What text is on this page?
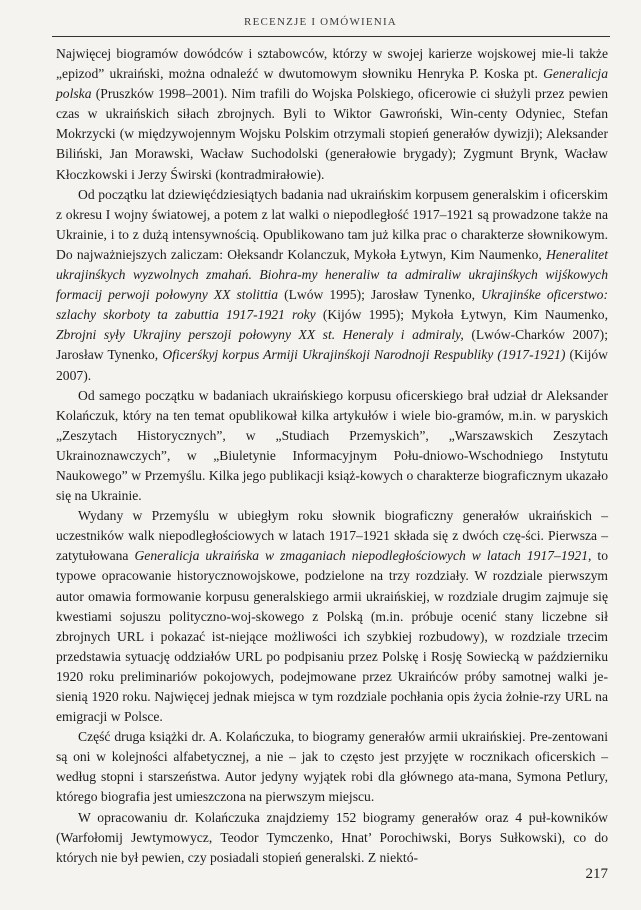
RECENZJE I OMÓWIENIA

Najwięcej biogramów dowódców i sztabowców, którzy w swojej karierze wojskowej mie-li także „epizod” ukraiński, można odnaleźć w dwutomowym słowniku Henryka P. Koska pt. Generalicja polska (Pruszków 1998–2001). Nim trafili do Wojska Polskiego, oficerowie ci służyli przez pewien czas w ukraińskich siłach zbrojnych. Byli to Wiktor Gawroński, Win-centy Odyniec, Stefan Mokrzycki (w międzywojennym Wojsku Polskim otrzymali stopień generałów dywizji); Aleksander Biliński, Jan Morawski, Wacław Suchodolski (generałowie brygady); Zygmunt Brynk, Wacław Kłoczkowski i Jerzy Świrski (kontradmirałowie).

Od początku lat dziewięćdziesiątych badania nad ukraińskim korpusem generalskim i oficerskim z okresu I wojny światowej, a potem z lat walki o niepodległość 1917–1921 są prowadzone także na Ukrainie, i to z dużą intensywnością. Opublikowano tam już kilka prac o charakterze słownikowym. Do najważniejszych zaliczam: Ołeksandr Kolanczuk, Mykoła Łytwyn, Kim Naumenko, Heneralitet ukrajinśkych wyzwolnych zmahań. Biohra-my heneraliw ta admiraliw ukrajinśkych wijśkowych formacij perwoji połowyny XX stolittia (Lwów 1995); Jarosław Tynenko, Ukrajinśke oficerstwo: szlachy skorboty ta zabuttia 1917-1921 roky (Kijów 1995); Mykoła Łytwyn, Kim Naumenko, Zbrojni syły Ukrajiny perszoji połowyny XX st. Heneraly i admiraly, (Lwów-Charków 2007); Jarosław Tynenko, Oficerśkyj korpus Armiji Ukrajinśkoji Narodnoji Respubliky (1917-1921) (Kijów 2007).

Od samego początku w badaniach ukraińskiego korpusu oficerskiego brał udział dr Aleksander Kolańczuk, który na ten temat opublikował kilka artykułów i wiele bio-gramów, m.in. w paryskich „Zeszytach Historycznych”, w „Studiach Przemyskich”, „Warszawskich Zeszytach Ukrainoznawczych”, w „Biuletynie Informacyjnym Połu-dniowo-Wschodniego Instytutu Naukowego” w Przemyślu. Kilka jego publikacji książ-kowych o charakterze biograficznym ukazało się na Ukrainie.

Wydany w Przemyślu w ubiegłym roku słownik biograficzny generałów ukraińskich – uczestników walk niepodległościowych w latach 1917–1921 składa się z dwóch czę-ści. Pierwsza – zatytułowana Generalicja ukraińska w zmaganiach niepodległościowych w latach 1917–1921, to typowe opracowanie historycznowojskowe, podzielone na trzy rozdziały. W rozdziale pierwszym autor omawia formowanie korpusu generalskiego armii ukraińskiej, w rozdziale drugim zajmuje się kwestiami sojuszu polityczno-woj-skowego z Polską (m.in. próbuje ocenić stany liczebne sił zbrojnych URL i pokazać ist-niejące możliwości ich szybkiej rozbudowy), w rozdziale trzecim przedstawia sytuację oddziałów URL po podpisaniu przez Polskę i Rosję Sowiecką w październiku 1920 roku preliminariów pokojowych, podejmowane przez Ukraińców próby samotnej walki je-sienią 1920 roku. Najwięcej jednak miejsca w tym rozdziale pochłania opis życia żołnie-rzy URL na emigracji w Polsce.

Część druga książki dr. A. Kolańczuka, to biogramy generałów armii ukraińskiej. Pre-zentowani są oni w kolejności alfabetycznej, a nie – jak to często jest przyjęte w rocznikach oficerskich – według stopni i starszeństwa. Autor jedyny wyjątek robi dla głównego ata-mana, Symona Petlury, którego biografia jest umieszczona na pierwszym miejscu.

W opracowaniu dr. Kolańczuka znajdziemy 152 biogramy generałów oraz 4 puł-kowników (Warfołomij Jewtymowycz, Teodor Tymczenko, Hnat’ Porochiwski, Borys Sułkowski), co do których nie był pewien, czy posiadali stopień generalski. Z niektó-

217
